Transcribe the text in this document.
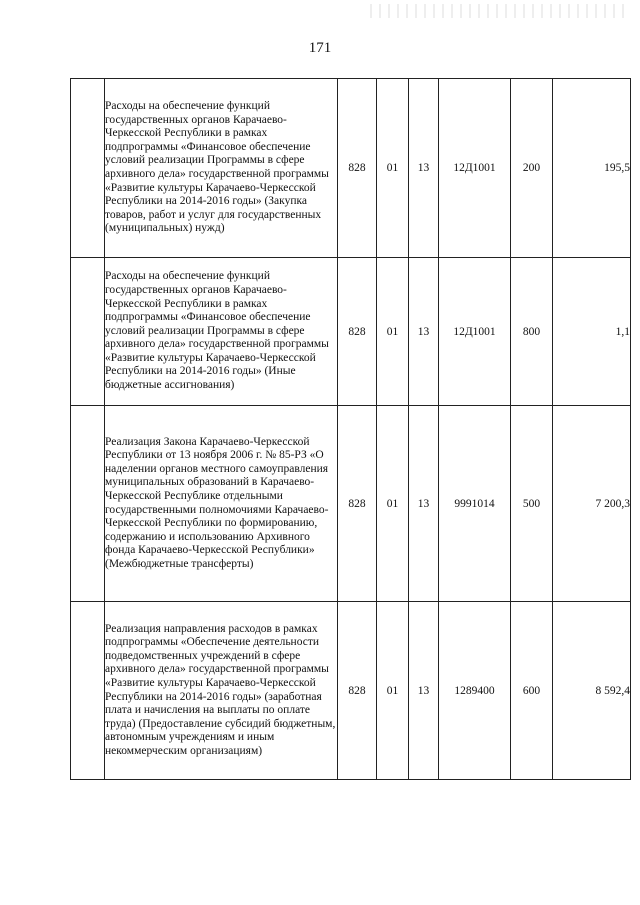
171
	Расходы на обеспечение функций государственных органов Карачаево-Черкесской Республики в рамках подпрограммы «Финансовое обеспечение условий реализации Программы в сфере архивного дела» государственной программы «Развитие культуры Карачаево-Черкесской Республики на 2014-2016 годы» (Закупка товаров, работ и услуг для государственных (муниципальных) нужд)	828	01	13	12Д1001	200	195,5
	Расходы на обеспечение функций государственных органов Карачаево-Черкесской Республики в рамках подпрограммы «Финансовое обеспечение условий реализации Программы в сфере архивного дела» государственной программы «Развитие культуры Карачаево-Черкесской Республики на 2014-2016 годы» (Иные бюджетные ассигнования)	828	01	13	12Д1001	800	1,1
	Реализация Закона Карачаево-Черкесской Республики от 13 ноября 2006 г. № 85-РЗ «О наделении органов местного самоуправления муниципальных образований в Карачаево-Черкесской Республике отдельными государственными полномочиями Карачаево-Черкесской Республики по формированию, содержанию и использованию Архивного фонда Карачаево-Черкесской Республики» (Межбюджетные трансферты)	828	01	13	9991014	500	7 200,3
	Реализация направления расходов в рамках подпрограммы «Обеспечение деятельности подведомственных учреждений в сфере архивного дела» государственной программы «Развитие культуры Карачаево-Черкесской Республики на 2014-2016 годы» (заработная плата и начисления на выплаты по оплате труда) (Предоставление субсидий бюджетным, автономным учреждениям и иным некоммерческим организациям)	828	01	13	1289400	600	8 592,4
